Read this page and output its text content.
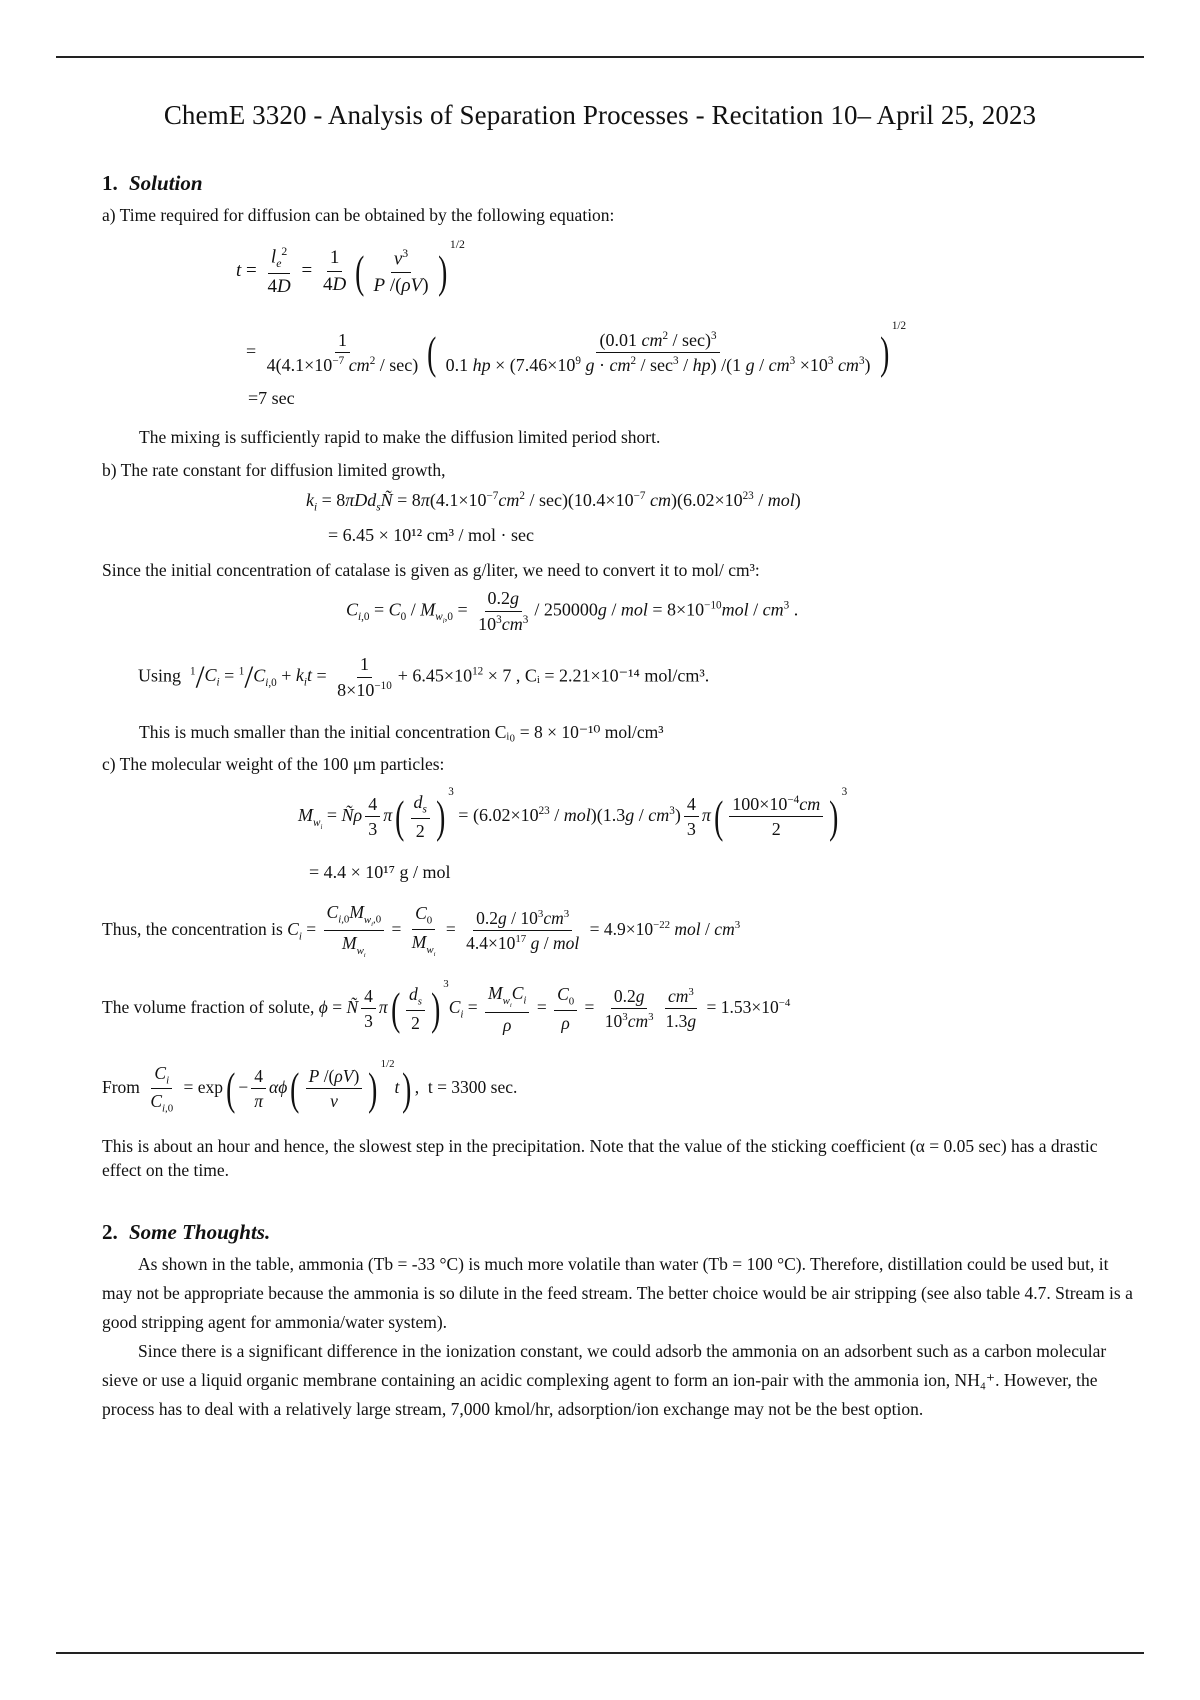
ChemE 3320 - Analysis of Separation Processes - Recitation 10– April 25, 2023
1. Solution
a) Time required for diffusion can be obtained by the following equation:
$t = \frac{l_e^2}{4D} = \frac{1}{4D}$ ( $\frac{\nu^3}{P /(\rho V)} )^{1/2}$
= $\frac{1}{4(4.1\times 10^{-7} cm^2 / \sec)}$ (	(0.01 $cm^2 / \sec)^3$
0.1 hp × ($7.46\times 10^9$ $g \cdot cm^2 / \sec^3 / hp$) /(1 $g / cm^3 \times 10^3$ $cm^3$) )$^{1/2}$
=7 sec
The mixing is sufficiently rapid to make the diffusion limited period short.
b) The rate constant for diffusion limited growth,
$k_i$ = 8πDd$_s$Ñ = $8\pi(4.1\times 10^{-7}cm^2 / \sec)(10.4\times 10^{-7}$ $cm)(6.02\times 10^{23} / mol)$
= 6.45 × 10¹² cm³ / mol · sec
Since the initial concentration of catalase is given as g/liter, we need to convert it to mol/ cm³:
$C_{i,0} = C_0 / M_{w_i,0} = \frac{0.2g}{10^3cm^3} / 250000g$ / mol = $8\times 10^{-10}mol / cm^3$ .
Using $^1/C_i = ^1/C_{i,0} + k_it = \frac{1}{8\times 10^{-10}} + 6.45\times 10^{12} \times 7$ , Cᵢ = 2.21×10⁻¹⁴ mol/cm³.
This is much smaller than the initial concentration Cᵢ₀ = 8 × 10⁻¹⁰ mol/cm³
c) The molecular weight of the 100 μm particles:
$M_{w_i}$ = Ñρ $\frac{4}{3} \pi( \frac{d_s}{2}$ ) $^3 = (6.02\times 10^{23} / mol)(1.3g / cm^3) \frac{4}{3} \pi( \frac{100\times 10^{-4}cm}{2}$ ) $^3$
= 4.4 × 10¹⁷ g / mol
Thus, the concentration is $C_i = \frac{C_{i,0}M_{w_i,0}}{M_{w_i}} = \frac{C_0}{M_{w_i}} = \frac{0.2g / 10^3cm^3}{4.4\times 10^{17} g / mol} = 4.9\times 10^{-22}$ mol / $cm^3$
The volume fraction of solute, ϕ = Ñ $\frac{4}{3} \pi( \frac{d_s}{2}$ ) $^3C_i = \frac{M_{w_i}C_i}{\rho} = \frac{C_0}{\rho} = \frac{0.2g}{10^3cm^3} \frac{cm^3}{1.3g} = 1.53\times 10^{-4}$
From $\frac{C_i}{C_{i,0}} = \exp( - \frac{4}{\pi} \alpha\phi( \frac{P /(\rho V)}{\nu}$ ) $^{1/2}$t) ,  t = 3300 sec.
This is about an hour and hence, the slowest step in the precipitation. Note that the value of the sticking coefficient (α = 0.05 sec) has a drastic effect on the time.
2. Some Thoughts.
As shown in the table, ammonia (Tb = -33 °C) is much more volatile than water (Tb = 100 °C). Therefore, distillation could be used but, it may not be appropriate because the ammonia is so dilute in the feed stream. The better choice would be air stripping (see also table 4.7. Stream is a good stripping agent for ammonia/water system).
Since there is a significant difference in the ionization constant, we could adsorb the ammonia on an adsorbent such as a carbon molecular sieve or use a liquid organic membrane containing an acidic complexing agent to form an ion-pair with the ammonia ion, NH₄⁺. However, the process has to deal with a relatively large stream, 7,000 kmol/hr, adsorption/ion exchange may not be the best option.
